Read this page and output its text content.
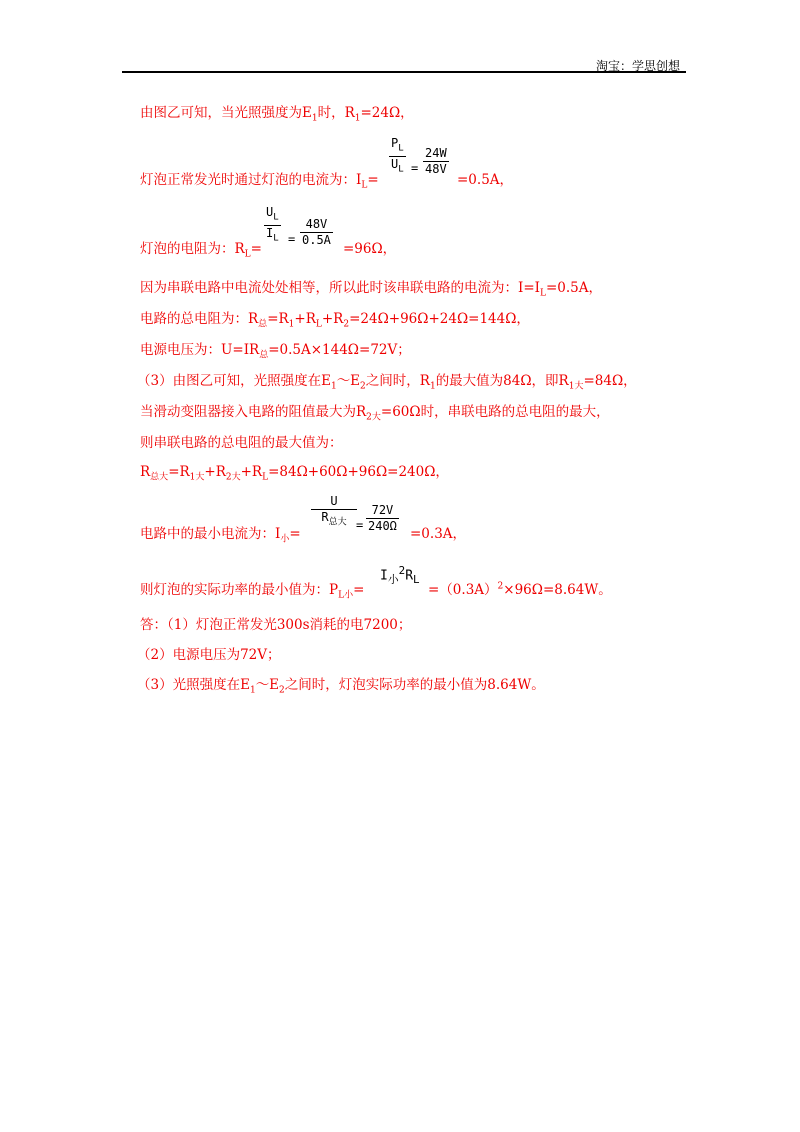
淘宝：学思创想
由图乙可知，当光照强度为$E_1$时，$R_1=24\Omega$，
灯泡正常发光时通过灯泡的电流为：$I_L=$
$\frac{P_L}{U_L} = \frac{24W}{48V}$
=0.5A，
灯泡的电阻为：$R_L=$
$\frac{U_L}{I_L} = \frac{48V}{0.5A}$
=96Ω，
因为串联电路中电流处处相等，所以此时该串联电路的电流为：$I=I_L=0.5A$，
电路的总电阻为：$R_总=R_1+R_L+R_2=24\Omega+96\Omega+24\Omega=144\Omega$，
电源电压为：$U=IR_总=0.5A\times 144\Omega=72V$；
（3）由图乙可知，光照强度在$E_1\sim E_2$之间时，$R_1$的最大值为84Ω，即$R_{1大}=84\Omega$，
当滑动变阻器接入电路的阻值最大为$R_{2大}=60\Omega$时，串联电路的总电阻的最大，
则串联电路的总电阻的最大值为：
$R_{总大}=R_{1大}+R_{2大}+R_L=84\Omega+60\Omega+96\Omega=240\Omega$，
电路中的最小电流为：$I_小=$
U
$R_{总大} = \frac{72V}{240\Omega} =0.3A$，
则灯泡的实际功率的最小值为：$P_{L小}=$
$I_小^2R_L$
$=(0.3A)^2\times 96\Omega=8.64W$。
答：（1）灯泡正常发光300s消耗的电7200；
（2）电源电压为72V；
（3）光照强度在$E_1\sim E_2$之间时，灯泡实际功率的最小值为8.64W。
